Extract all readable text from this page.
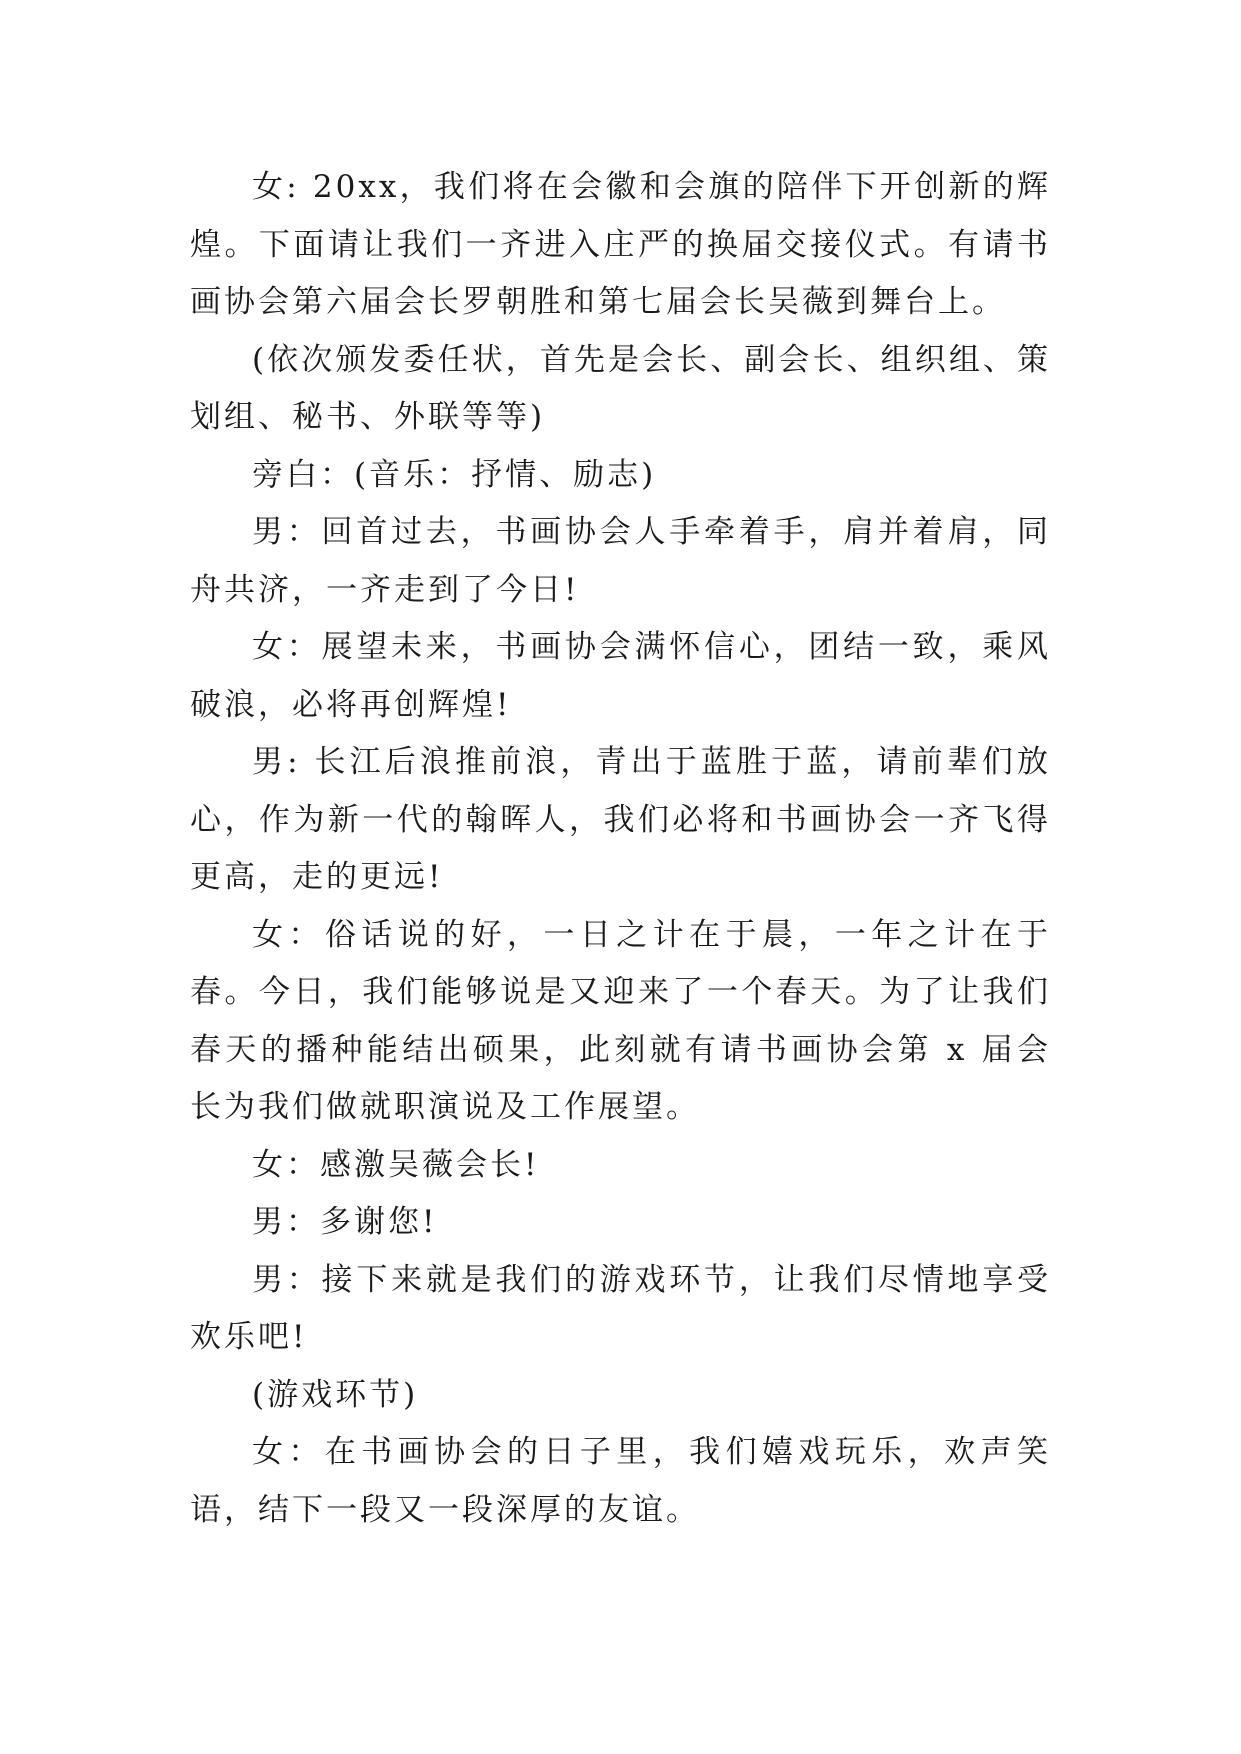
女: 20xx，我们将在会徽和会旗的陪伴下开创新的辉煌。下面请让我们一齐进入庄严的换届交接仪式。有请书画协会第六届会长罗朝胜和第七届会长吴薇到舞台上。

(依次颁发委任状，首先是会长、副会长、组织组、策划组、秘书、外联等等)

旁白：(音乐：抒情、励志)

男：回首过去，书画协会人手牵着手，肩并着肩，同舟共济，一齐走到了今日!

女：展望未来，书画协会满怀信心，团结一致，乘风破浪，必将再创辉煌!

男: 长江后浪推前浪，青出于蓝胜于蓝，请前辈们放心，作为新一代的翰晖人，我们必将和书画协会一齐飞得更高，走的更远!

女：俗话说的好，一日之计在于晨，一年之计在于春。今日，我们能够说是又迎来了一个春天。为了让我们春天的播种能结出硕果，此刻就有请书画协会第 x 届会长为我们做就职演说及工作展望。

女：感激吴薇会长!

男：多谢您!

男：接下来就是我们的游戏环节，让我们尽情地享受欢乐吧!

(游戏环节)

女：在书画协会的日子里，我们嬉戏玩乐，欢声笑语，结下一段又一段深厚的友谊。
